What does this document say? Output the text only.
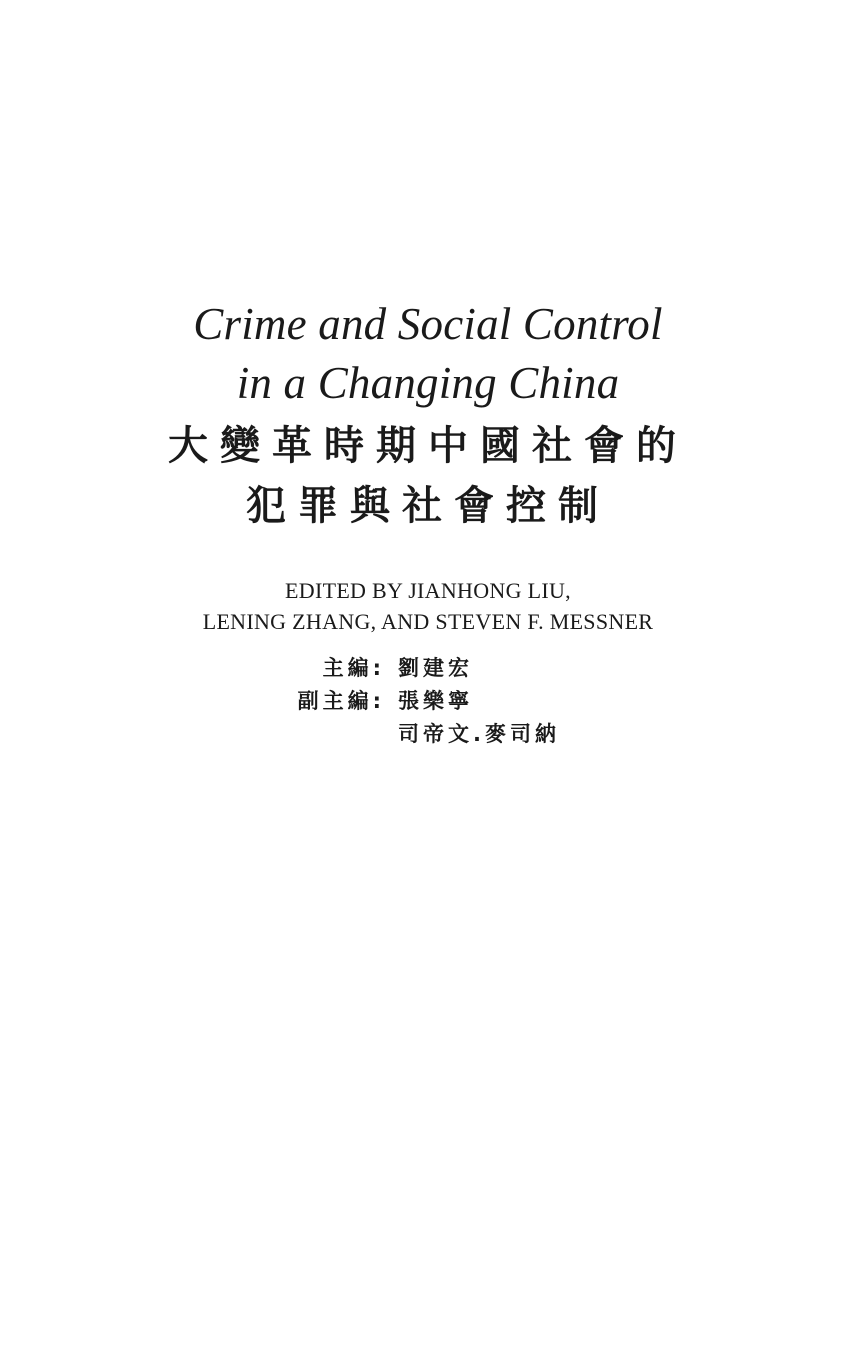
Crime and Social Control
in a Changing China
大變革時期中國社會的
犯罪與社會控制
EDITED BY JIANHONG LIU,
LENING ZHANG, AND STEVEN F. MESSNER
主編: 劉建宏
副主編: 張樂寧
司帝文.麥司納
